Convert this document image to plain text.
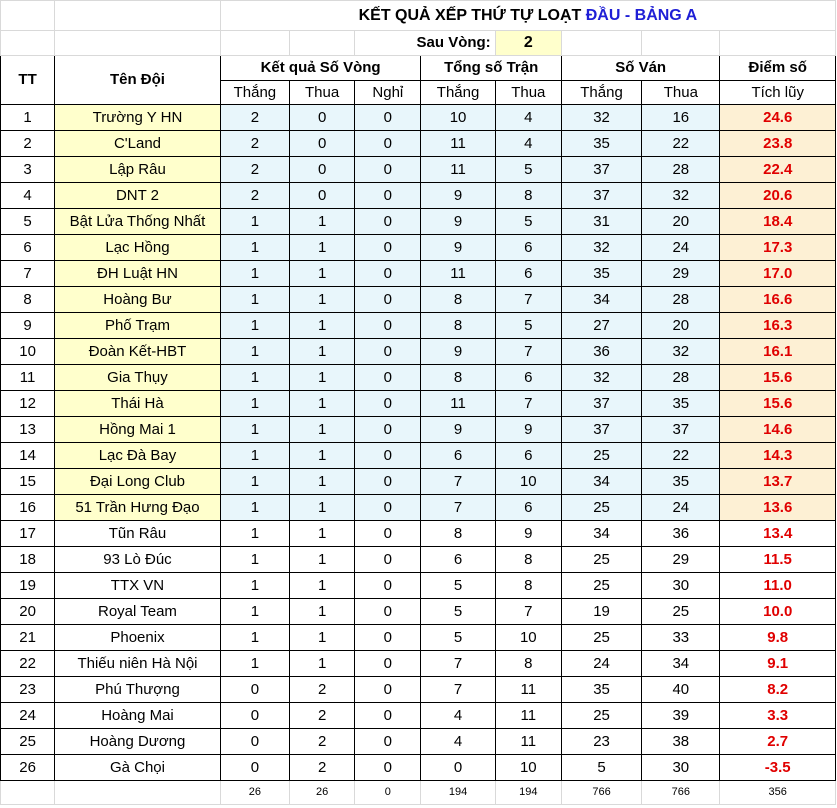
		KẾT QUẢ XẾP THỨ TỰ LOẠT ĐẦU - BẢNG A							
				Sau Vòng:		2			
TT	Tên Đội	Kết quả Số Vòng			Tổng số Trận		Số Ván		Điểm số
		Thắng	Thua	Nghỉ	Thắng	Thua	Thắng	Thua	Tích lũy
1	Trường Y HN	2	0	0	10	4	32	16	24.6
2	C'Land	2	0	0	11	4	35	22	23.8
3	Lập Râu	2	0	0	11	5	37	28	22.4
4	DNT 2	2	0	0	9	8	37	32	20.6
5	Bật Lửa Thống Nhất	1	1	0	9	5	31	20	18.4
6	Lạc Hồng	1	1	0	9	6	32	24	17.3
7	ĐH Luật HN	1	1	0	11	6	35	29	17.0
8	Hoàng Bư	1	1	0	8	7	34	28	16.6
9	Phố Trạm	1	1	0	8	5	27	20	16.3
10	Đoàn Kết-HBT	1	1	0	9	7	36	32	16.1
11	Gia Thụy	1	1	0	8	6	32	28	15.6
12	Thái Hà	1	1	0	11	7	37	35	15.6
13	Hồng Mai 1	1	1	0	9	9	37	37	14.6
14	Lạc Đà Bay	1	1	0	6	6	25	22	14.3
15	Đại Long Club	1	1	0	7	10	34	35	13.7
16	51 Trần Hưng Đạo	1	1	0	7	6	25	24	13.6
17	Tũn Râu	1	1	0	8	9	34	36	13.4
18	93 Lò Đúc	1	1	0	6	8	25	29	11.5
19	TTX VN	1	1	0	5	8	25	30	11.0
20	Royal Team	1	1	0	5	7	19	25	10.0
21	Phoenix	1	1	0	5	10	25	33	9.8
22	Thiếu niên Hà Nội	1	1	0	7	8	24	34	9.1
23	Phú Thượng	0	2	0	7	11	35	40	8.2
24	Hoàng Mai	0	2	0	4	11	25	39	3.3
25	Hoàng Dương	0	2	0	4	11	23	38	2.7
26	Gà Chọi	0	2	0	0	10	5	30	-3.5
		26	26	0	194	194	766	766	356
